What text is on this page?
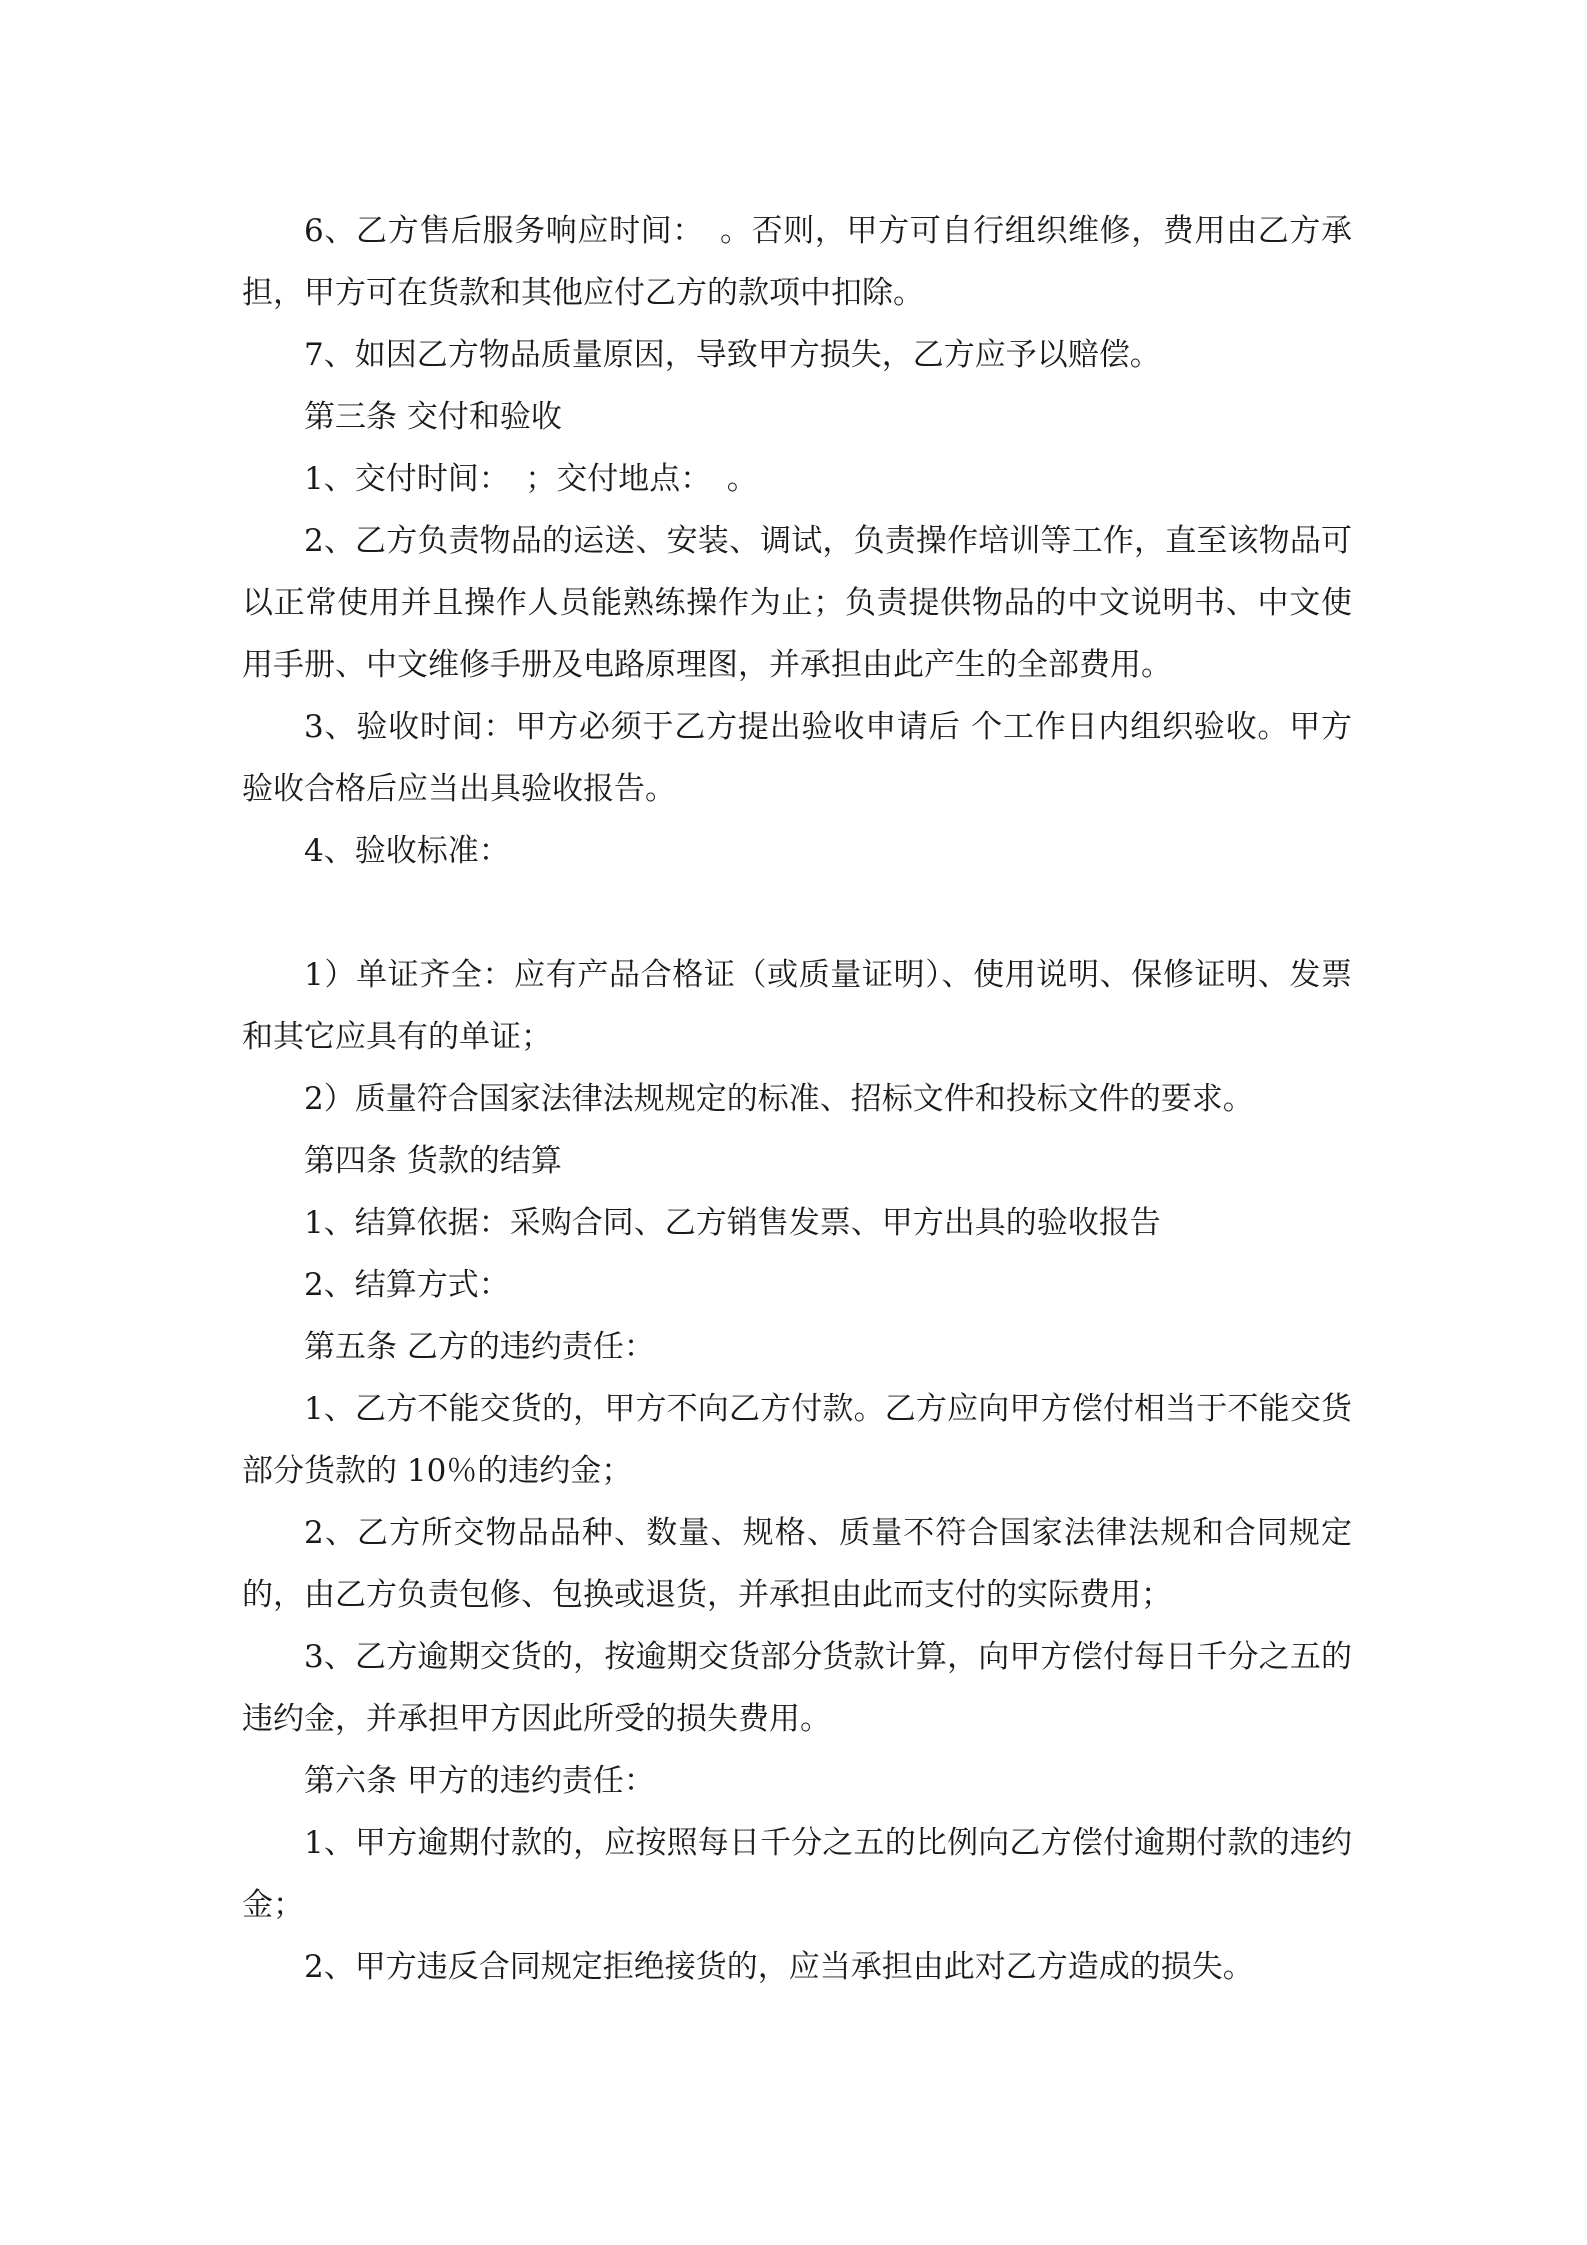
6、乙方售后服务响应时间：　。否则，甲方可自行组织维修，费用由乙方承担，甲方可在货款和其他应付乙方的款项中扣除。

7、如因乙方物品质量原因，导致甲方损失，乙方应予以赔偿。

第三条 交付和验收

1、交付时间：　；交付地点：　。

2、乙方负责物品的运送、安装、调试，负责操作培训等工作，直至该物品可以正常使用并且操作人员能熟练操作为止；负责提供物品的中文说明书、中文使用手册、中文维修手册及电路原理图，并承担由此产生的全部费用。

3、验收时间：甲方必须于乙方提出验收申请后 个工作日内组织验收。甲方验收合格后应当出具验收报告。

4、验收标准：

1）单证齐全：应有产品合格证（或质量证明）、使用说明、保修证明、发票和其它应具有的单证；

2）质量符合国家法律法规规定的标准、招标文件和投标文件的要求。

第四条 货款的结算

1、结算依据：采购合同、乙方销售发票、甲方出具的验收报告

2、结算方式：

第五条 乙方的违约责任：

1、乙方不能交货的，甲方不向乙方付款。乙方应向甲方偿付相当于不能交货部分货款的 10％的违约金；

2、乙方所交物品品种、数量、规格、质量不符合国家法律法规和合同规定的，由乙方负责包修、包换或退货，并承担由此而支付的实际费用；

3、乙方逾期交货的，按逾期交货部分货款计算，向甲方偿付每日千分之五的违约金，并承担甲方因此所受的损失费用。

第六条 甲方的违约责任：

1、甲方逾期付款的，应按照每日千分之五的比例向乙方偿付逾期付款的违约金；

2、甲方违反合同规定拒绝接货的，应当承担由此对乙方造成的损失。
